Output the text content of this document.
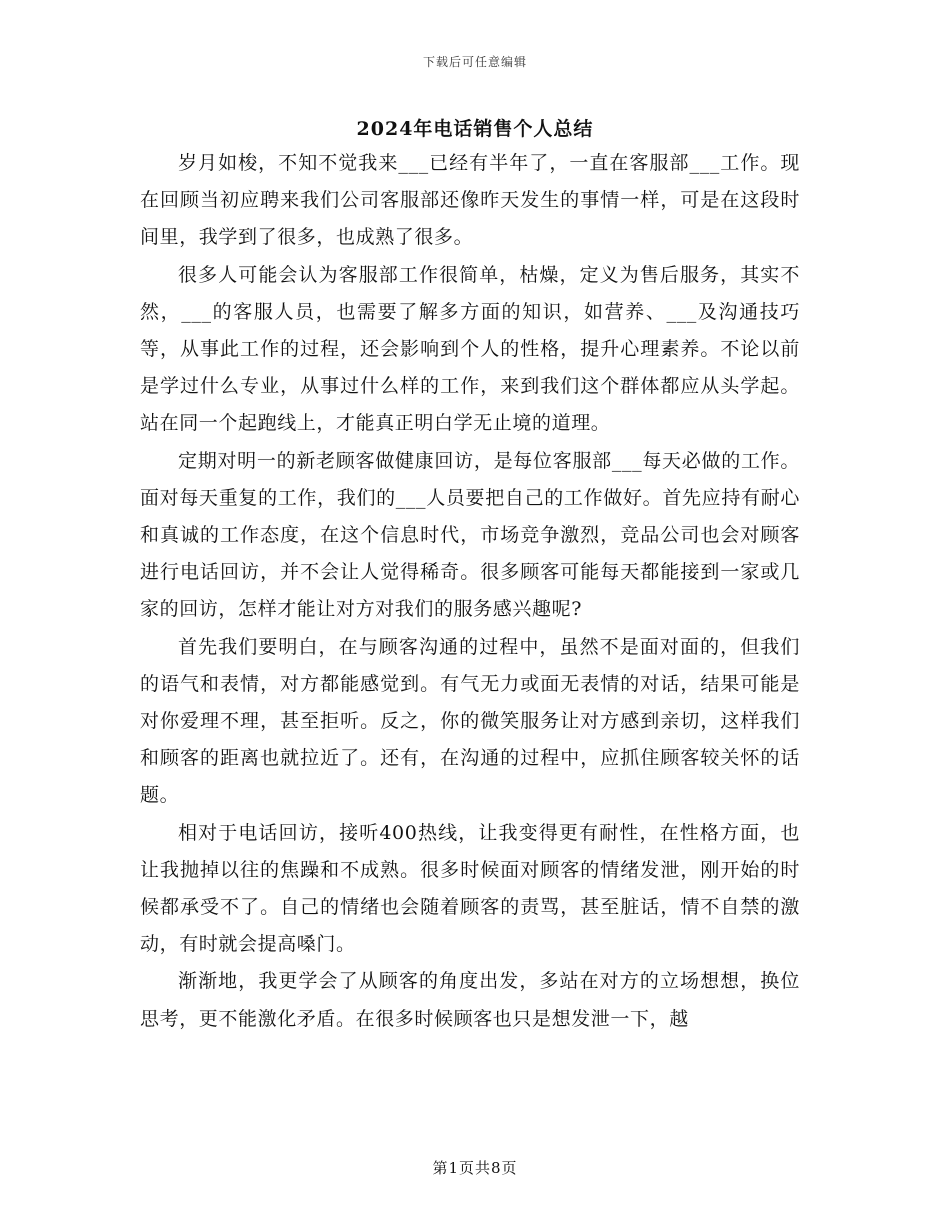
下载后可任意编辑
2024年电话销售个人总结

岁月如梭，不知不觉我来___已经有半年了，一直在客服部___工作。现在回顾当初应聘来我们公司客服部还像昨天发生的事情一样，可是在这段时间里，我学到了很多，也成熟了很多。

很多人可能会认为客服部工作很简单，枯燥，定义为售后服务，其实不然，___的客服人员，也需要了解多方面的知识，如营养、___及沟通技巧等，从事此工作的过程，还会影响到个人的性格，提升心理素养。不论以前是学过什么专业，从事过什么样的工作，来到我们这个群体都应从头学起。站在同一个起跑线上，才能真正明白学无止境的道理。

定期对明一的新老顾客做健康回访，是每位客服部___每天必做的工作。面对每天重复的工作，我们的___人员要把自己的工作做好。首先应持有耐心和真诚的工作态度，在这个信息时代，市场竞争激烈，竞品公司也会对顾客进行电话回访，并不会让人觉得稀奇。很多顾客可能每天都能接到一家或几家的回访，怎样才能让对方对我们的服务感兴趣呢?

首先我们要明白，在与顾客沟通的过程中，虽然不是面对面的，但我们的语气和表情，对方都能感觉到。有气无力或面无表情的对话，结果可能是对你爱理不理，甚至拒听。反之，你的微笑服务让对方感到亲切，这样我们和顾客的距离也就拉近了。还有，在沟通的过程中，应抓住顾客较关怀的话题。

相对于电话回访，接听400热线，让我变得更有耐性，在性格方面，也让我抛掉以往的焦躁和不成熟。很多时候面对顾客的情绪发泄，刚开始的时候都承受不了。自己的情绪也会随着顾客的责骂，甚至脏话，情不自禁的激动，有时就会提高嗓门。

渐渐地，我更学会了从顾客的角度出发，多站在对方的立场想想，换位思考，更不能激化矛盾。在很多时候顾客也只是想发泄一下，越

第1页共8页
